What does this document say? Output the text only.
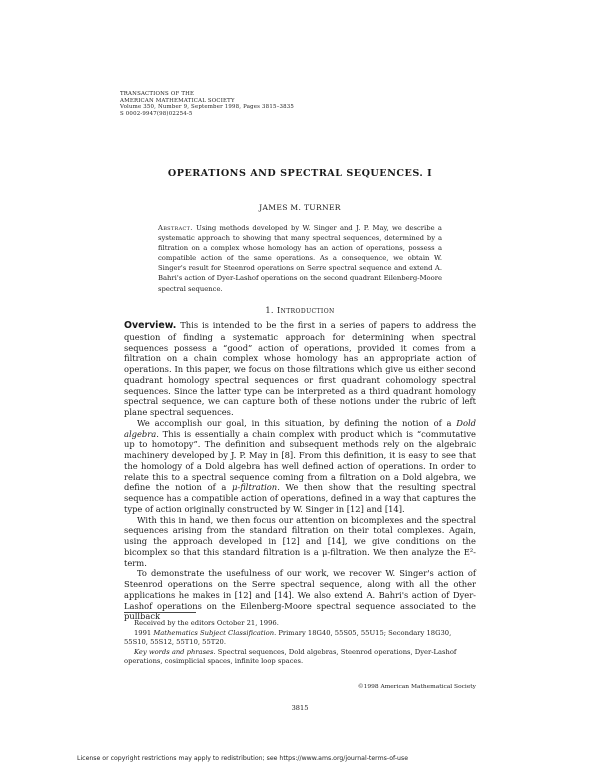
TRANSACTIONS OF THE
AMERICAN MATHEMATICAL SOCIETY
Volume 350, Number 9, September 1998, Pages 3815–3835
S 0002-9947(98)02254-5
OPERATIONS AND SPECTRAL SEQUENCES. I
JAMES M. TURNER
Abstract. Using methods developed by W. Singer and J. P. May, we describe a systematic approach to showing that many spectral sequences, determined by a filtration on a complex whose homology has an action of operations, possess a compatible action of the same operations. As a consequence, we obtain W. Singer's result for Steenrod operations on Serre spectral sequence and extend A. Bahri's action of Dyer-Lashof operations on the second quadrant Eilenberg-Moore spectral sequence.
1. Introduction

Overview. This is intended to be the first in a series of papers to address the question of finding a systematic approach for determining when spectral sequences possess a “good” action of operations, provided it comes from a filtration on a chain complex whose homology has an appropriate action of operations. In this paper, we focus on those filtrations which give us either second quadrant homology spectral sequences or first quadrant cohomology spectral sequences. Since the latter type can be interpreted as a third quadrant homology spectral sequence, we can capture both of these notions under the rubric of left plane spectral sequences.

We accomplish our goal, in this situation, by defining the notion of a Dold algebra. This is essentially a chain complex with product which is “commutative up to homotopy”. The definition and subsequent methods rely on the algebraic machinery developed by J. P. May in [8]. From this definition, it is easy to see that the homology of a Dold algebra has well defined action of operations. In order to relate this to a spectral sequence coming from a filtration on a Dold algebra, we define the notion of a μ-filtration. We then show that the resulting spectral sequence has a compatible action of operations, defined in a way that captures the type of action originally constructed by W. Singer in [12] and [14].

With this in hand, we then focus our attention on bicomplexes and the spectral sequences arising from the standard filtration on their total complexes. Again, using the approach developed in [12] and [14], we give conditions on the bicomplex so that this standard filtration is a μ-filtration. We then analyze the E²-term.

To demonstrate the usefulness of our work, we recover W. Singer's action of Steenrod operations on the Serre spectral sequence, along with all the other applications he makes in [12] and [14]. We also extend A. Bahri's action of Dyer-Lashof operations on the Eilenberg-Moore spectral sequence associated to the pullback

Received by the editors October 21, 1996.

1991 Mathematics Subject Classification. Primary 18G40, 55S05, 55U15; Secondary 18G30, 55S10, 55S12, 55T10, 55T20.

Key words and phrases. Spectral sequences, Dold algebras, Steenrod operations, Dyer-Lashof operations, cosimplicial spaces, infinite loop spaces.

©1998 American Mathematical Society
3815
License or copyright restrictions may apply to redistribution; see https://www.ams.org/journal-terms-of-use
